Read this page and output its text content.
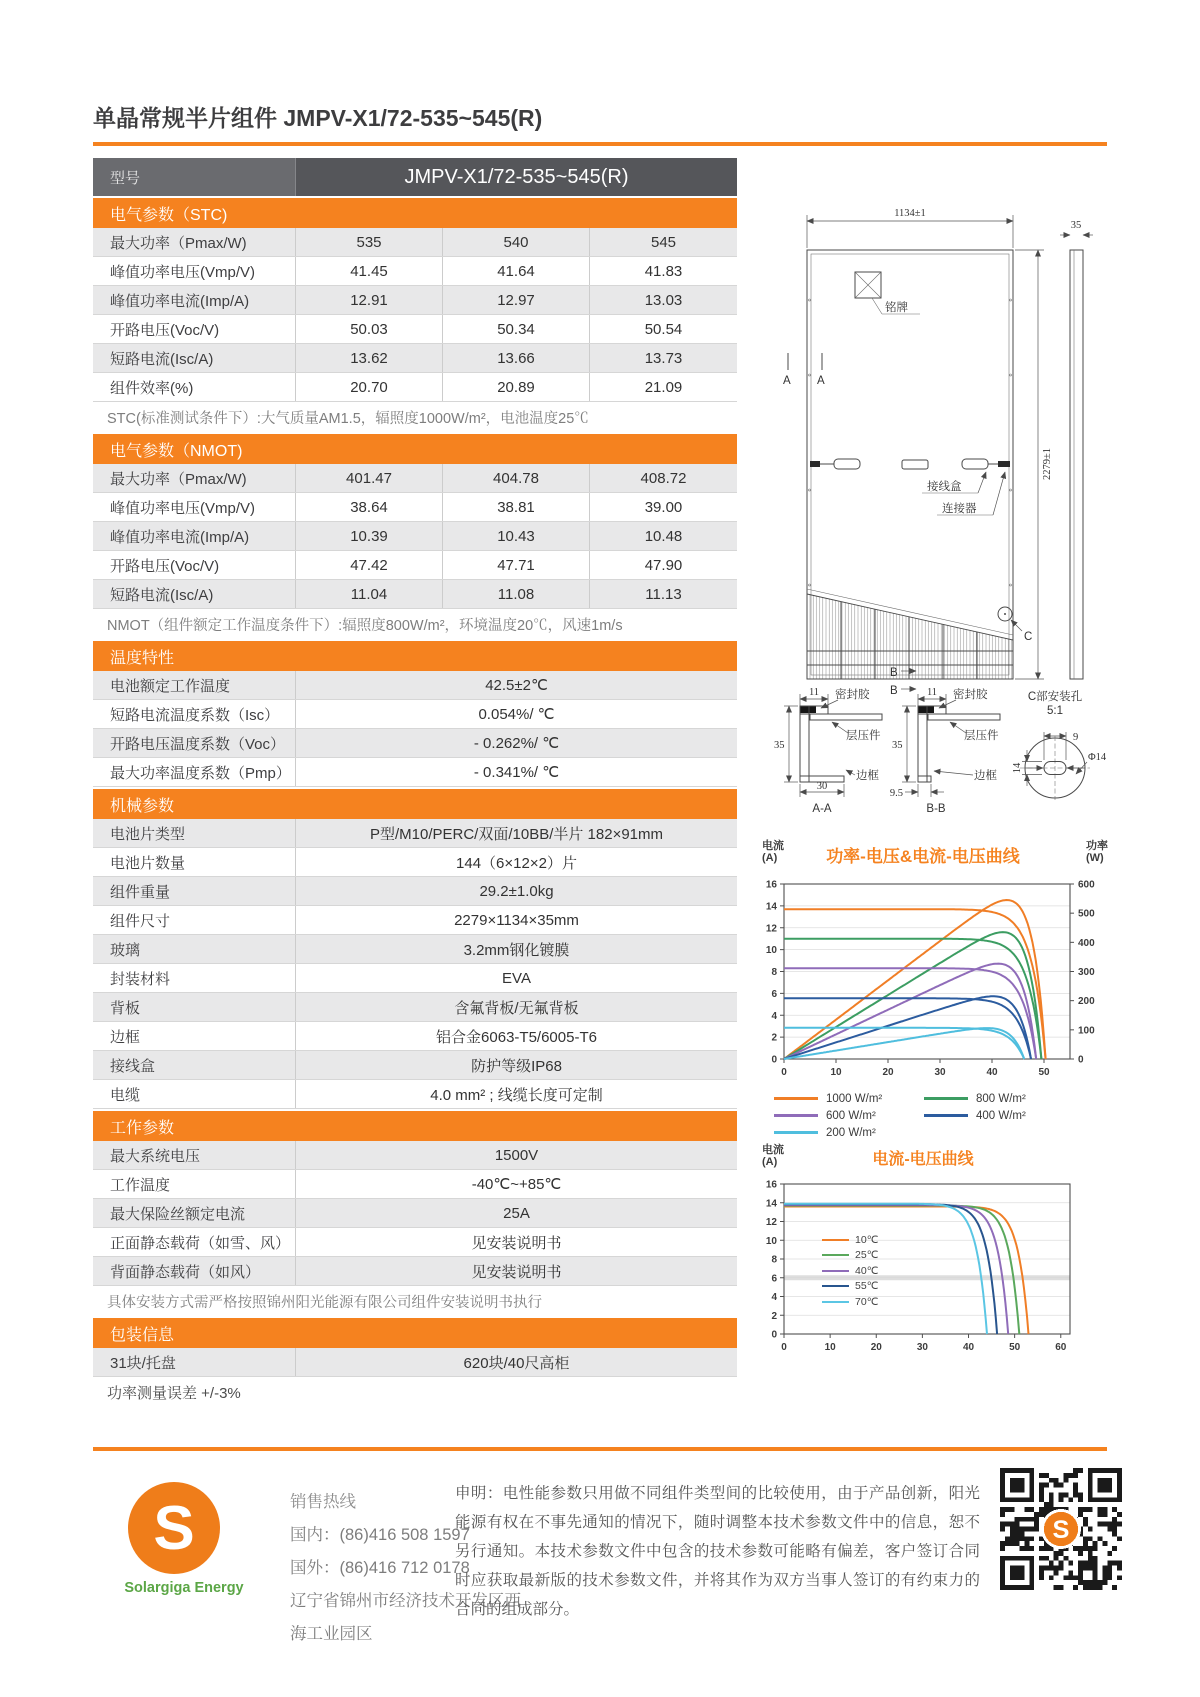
单晶常规半片组件 JMPV-X1/72-535~545(R)
型号	JMPV-X1/72-535~545(R)
电气参数（STC)
最大功率（Pmax/W)	535	540	545
峰值功率电压(Vmp/V)	41.45	41.64	41.83
峰值功率电流(Imp/A)	12.91	12.97	13.03
开路电压(Voc/V)	50.03	50.34	50.54
短路电流(Isc/A)	13.62	13.66	13.73
组件效率(%)	20.70	20.89	21.09
STC(标准测试条件下）:大气质量AM1.5，辐照度1000W/m²，电池温度25℃
电气参数（NMOT)
最大功率（Pmax/W)	401.47	404.78	408.72
峰值功率电压(Vmp/V)	38.64	38.81	39.00
峰值功率电流(Imp/A)	10.39	10.43	10.48
开路电压(Voc/V)	47.42	47.71	47.90
短路电流(Isc/A)	11.04	11.08	11.13
NMOT（组件额定工作温度条件下）:辐照度800W/m²，环境温度20℃，风速1m/s
温度特性
电池额定工作温度	42.5±2℃
短路电流温度系数（Isc）	0.054%/ ℃
开路电压温度系数（Voc）	- 0.262%/ ℃
最大功率温度系数（Pmp）	- 0.341%/ ℃
机械参数
电池片类型	P型/M10/PERC/双面/10BB/半片 182×91mm
电池片数量	144（6×12×2）片
组件重量	29.2±1.0kg
组件尺寸	2279×1134×35mm
玻璃	3.2mm钢化镀膜
封装材料	EVA
背板	含氟背板/无氟背板
边框	铝合金6063-T5/6005-T6
接线盒	防护等级IP68
电缆	4.0 mm² ; 线缆长度可定制
工作参数
最大系统电压	1500V
工作温度	-40℃~+85℃
最大保险丝额定电流	25A
正面静态载荷（如雪、风）	见安装说明书
背面静态载荷（如风）	见安装说明书
具体安装方式需严格按照锦州阳光能源有限公司组件安装说明书执行
包装信息
31块/托盘	620块/40尺高柜
功率测量误差 +/-3%
1134±1
2279±1
35
铭牌
A A
接线盒
连接器
B
B
C
11 密封胶
层压件
35
30
边框
A-A
11 密封胶
层压件
35
9.5
边框
B-B
C部安装孔
5:1
9
14
Φ14
功率-电压&电流-电压曲线
电流
(A)
功率
(W)
0
2
4
6
8
10
12
14
16
0
100
200
300
400
500
600
0	10	20	30	40	50
1000 W/m²	800 W/m²
600 W/m²	400 W/m²
200 W/m²
电流-电压曲线
电流
(A)
0
2
4
6
8
10
12
14
16
0	10	20	30	40	50	60
10℃
25℃
40℃
55℃
70℃
S
Solargiga Energy
销售热线
国内：(86)416 508 1597
国外：(86)416 712 0178
辽宁省锦州市经济技术开发区西海工业园区
申明：电性能参数只用做不同组件类型间的比较使用，由于产品创新，阳光能源有权在不事先通知的情况下，随时调整本技术参数文件中的信息，恕不另行通知。本技术参数文件中包含的技术参数可能略有偏差，客户签订合同时应获取最新版的技术参数文件，并将其作为双方当事人签订的有约束力的合同的组成部分。
S
